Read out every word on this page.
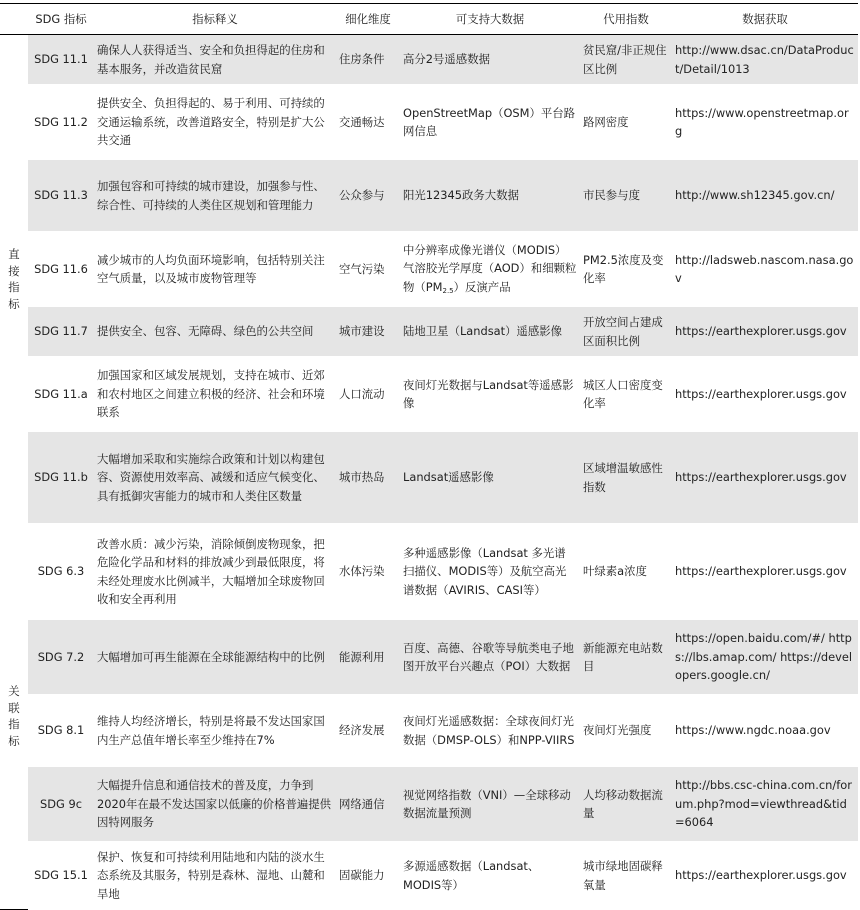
	SDG 指标	指标释义	细化维度	可支持大数据	代用指数	数据获取
直
接
指
标	SDG 11.1	确保人人获得适当、安全和负担得起的住房和基本服务，并改造贫民窟	住房条件	高分2号遥感数据	贫民窟/非正规住区比例	http://www.dsac.cn/DataProduct/Detail/1013
	SDG 11.2	提供安全、负担得起的、易于利用、可持续的交通运输系统，改善道路安全，特别是扩大公共交通	交通畅达	OpenStreetMap（OSM）平台路网信息	路网密度	https://www.openstreetmap.org
	SDG 11.3	加强包容和可持续的城市建设，加强参与性、综合性、可持续的人类住区规划和管理能力	公众参与	阳光12345政务大数据	市民参与度	http://www.sh12345.gov.cn/
	SDG 11.6	减少城市的人均负面环境影响，包括特别关注空气质量，以及城市废物管理等	空气污染	中分辨率成像光谱仪（MODIS）气溶胶光学厚度（AOD）和细颗粒物$(PM_{2.5})$反演产品	PM2.5浓度及变化率	http://ladsweb.nascom.nasa.gov
	SDG 11.7	提供安全、包容、无障碍、绿色的公共空间	城市建设	陆地卫星（Landsat）遥感影像	开放空间占建成区面积比例	https://earthexplorer.usgs.gov
	SDG 11.a	加强国家和区域发展规划，支持在城市、近郊和农村地区之间建立积极的经济、社会和环境联系	人口流动	夜间灯光数据与Landsat等遥感影像	城区人口密度变化率	https://earthexplorer.usgs.gov
	SDG 11.b	大幅增加采取和实施综合政策和计划以构建包容、资源使用效率高、减缓和适应气候变化、具有抵御灾害能力的城市和人类住区数量	城市热岛	Landsat遥感影像	区域增温敏感性指数	https://earthexplorer.usgs.gov
关
联
指
标	SDG 6.3	改善水质：减少污染，消除倾倒废物现象，把危险化学品和材料的排放减少到最低限度，将未经处理废水比例减半，大幅增加全球废物回收和安全再利用	水体污染	多种遥感影像（Landsat 多光谱扫描仪、MODIS等）及航空高光谱数据（AVIRIS、CASI等）	叶绿素a浓度	https://earthexplorer.usgs.gov
	SDG 7.2	大幅增加可再生能源在全球能源结构中的比例	能源利用	百度、高德、谷歌等导航类电子地图开放平台兴趣点（POI）大数据	新能源充电站数目	https://open.baidu.com/#/ https://lbs.amap.com/ https://developers.google.cn/
	SDG 8.1	维持人均经济增长，特别是将最不发达国家国内生产总值年增长率至少维持在7%	经济发展	夜间灯光遥感数据：全球夜间灯光数据（DMSP-OLS）和NPP-VIIRS	夜间灯光强度	https://www.ngdc.noaa.gov
	SDG 9c	大幅提升信息和通信技术的普及度，力争到2020年在最不发达国家以低廉的价格普遍提供因特网服务	网络通信	视觉网络指数（VNI）—全球移动数据流量预测	人均移动数据流量	http://bbs.csc-china.com.cn/forum.php?mod=viewthread&tid=6064
	SDG 15.1	保护、恢复和可持续利用陆地和内陆的淡水生态系统及其服务，特别是森林、湿地、山麓和旱地	固碳能力	多源遥感数据（Landsat、MODIS等）	城市绿地固碳释氧量	https://earthexplorer.usgs.gov
